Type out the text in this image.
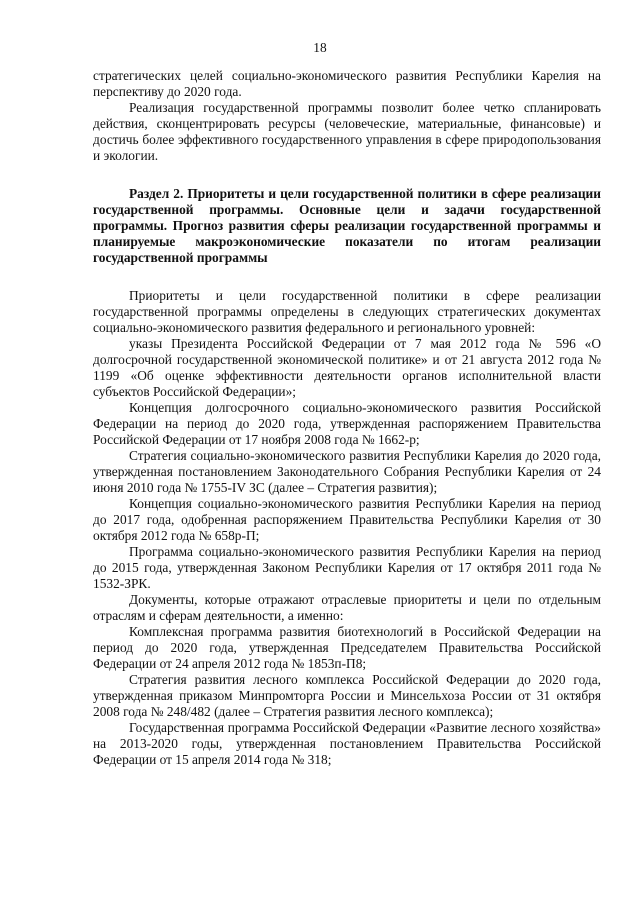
18

стратегических целей социально-экономического развития Республики Карелия на перспективу до 2020 года.

Реализация государственной программы позволит более четко спланировать действия, сконцентрировать ресурсы (человеческие, материальные, финансовые) и достичь более эффективного государственного управления в сфере природопользования и экологии.

Раздел 2. Приоритеты и цели государственной политики в сфере реализации государственной программы. Основные цели и задачи государственной программы. Прогноз развития сферы реализации государственной программы и планируемые макроэкономические показатели по итогам реализации государственной программы

Приоритеты и цели государственной политики в сфере реализации государственной программы определены в следующих стратегических документах социально-экономического развития федерального и регионального уровней:

указы Президента Российской Федерации от 7 мая 2012 года № 596 «О долгосрочной государственной экономической политике» и от 21 августа 2012 года № 1199 «Об оценке эффективности деятельности органов исполнительной власти субъектов Российской Федерации»;

Концепция долгосрочного социально-экономического развития Российской Федерации на период до 2020 года, утвержденная распоряжением Правительства Российской Федерации от 17 ноября 2008 года № 1662-р;

Стратегия социально-экономического развития Республики Карелия до 2020 года, утвержденная постановлением Законодательного Собрания Республики Карелия от 24 июня 2010 года № 1755-IV ЗС (далее – Стратегия развития);

Концепция социально-экономического развития Республики Карелия на период до 2017 года, одобренная распоряжением Правительства Республики Карелия от 30 октября 2012 года № 658р-П;

Программа социально-экономического развития Республики Карелия на период до 2015 года, утвержденная Законом Республики Карелия от 17 октября 2011 года № 1532-ЗРК.

Документы, которые отражают отраслевые приоритеты и цели по отдельным отраслям и сферам деятельности, а именно:

Комплексная программа развития биотехнологий в Российской Федерации на период до 2020 года, утвержденная Председателем Правительства Российской Федерации от 24 апреля 2012 года № 1853п-П8;

Стратегия развития лесного комплекса Российской Федерации до 2020 года, утвержденная приказом Минпромторга России и Минсельхоза России от 31 октября 2008 года № 248/482 (далее – Стратегия развития лесного комплекса);

Государственная программа Российской Федерации «Развитие лесного хозяйства» на 2013-2020 годы, утвержденная постановлением Правительства Российской Федерации от 15 апреля 2014 года № 318;
